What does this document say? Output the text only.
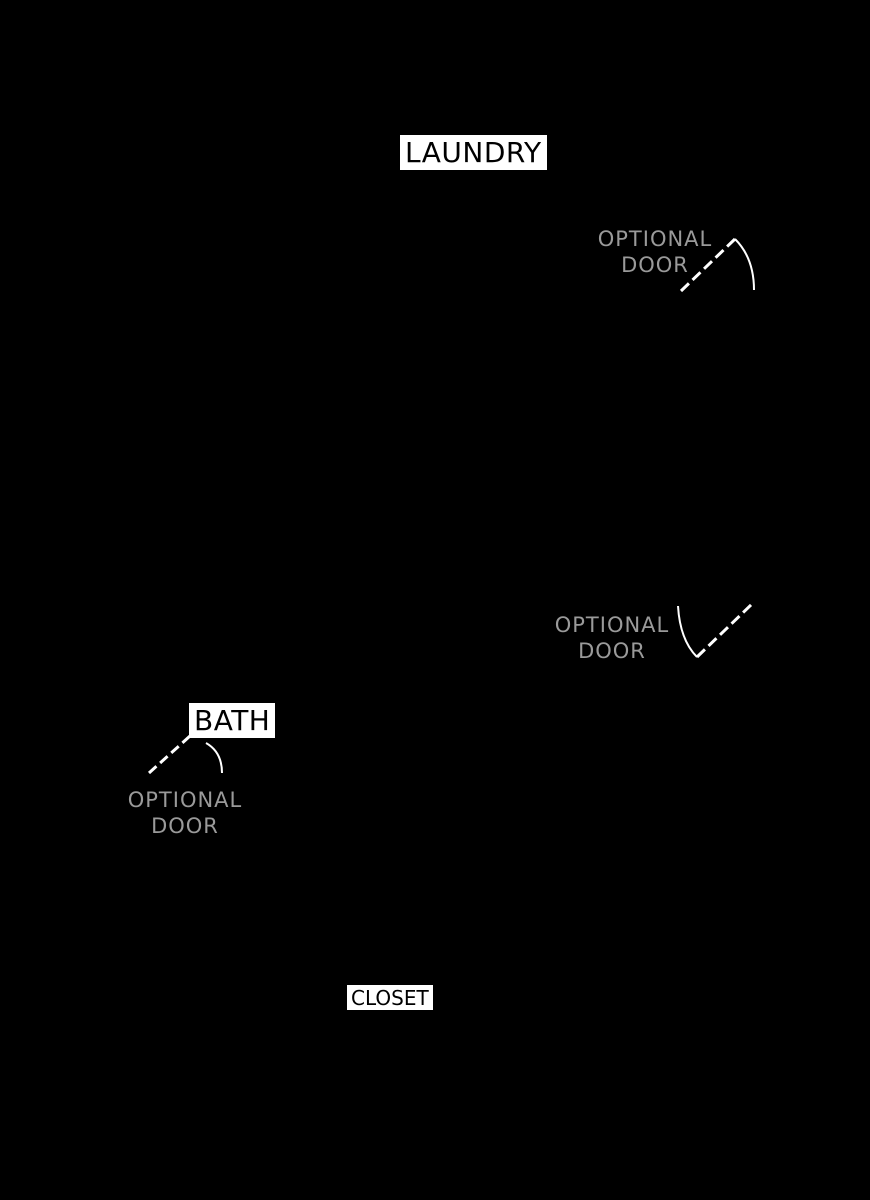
LAUNDRY
BATH
CLOSET
OPTIONAL
DOOR
OPTIONAL
DOOR
OPTIONAL
DOOR
